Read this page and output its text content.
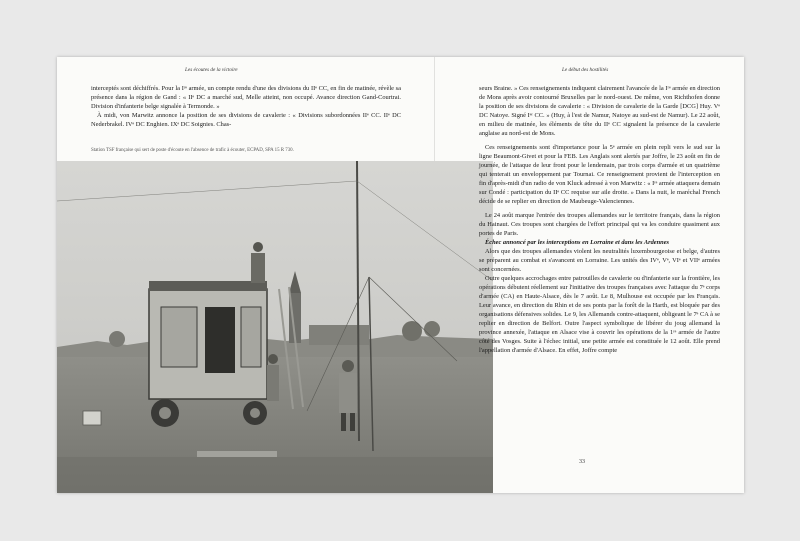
Les écoutes de la victoire	Le début des hostilités

interceptés sont déchiffrés. Pour la Iʳᵉ armée, un compte rendu d'une des divisions du IIᵉ CC, en fin de matinée, révèle sa présence dans la région de Gand : « IIᵉ DC a marché sud, Melle atteint, non occupé. Avance direction Gand-Courtrai. Division d'infanterie belge signalée à Termonde. »

À midi, von Marwitz annonce la position de ses divisions de cavalerie : « Divisions subordonnées IIᵉ CC. IIᵉ DC Nederbrakel. IVᵉ DC Enghien. IXᵉ DC Soignies. Chas-

Station TSF française qui sert de poste d'écoute en l'absence de trafic à écouter, ECPAD, SPA 15 R 730.

seurs Braine. » Ces renseignements indiquent clairement l'avancée de la Iʳᵉ armée en direction de Mons après avoir contourné Bruxelles par le nord-ouest. De même, von Richthofen donne la position de ses divisions de cavalerie : « Division de cavalerie de la Garde [DCG] Huy. Vᵉ DC Natoye. Signé Iᵉʳ CC. » (Huy, à l'est de Namur, Natoye au sud-est de Namur). Le 22 août, en milieu de matinée, les éléments de tête du IIᵉ CC signalent la présence de la cavalerie anglaise au nord-est de Mons.

Ces renseignements sont d'importance pour la 5ᵉ armée en plein repli vers le sud sur la ligne Beaumont-Givet et pour la FEB. Les Anglais sont alertés par Joffre, le 23 août en fin de journée, de l'attaque de leur front pour le lendemain, par trois corps d'armée et un quatrième qui tenterait un enveloppement par Tournai. Ce renseignement provient de l'interception en fin d'après-midi d'un radio de von Kluck adressé à von Marwitz : « Iʳᵉ armée attaquera demain sur Condé : participation du IIᵉ CC requise sur aile droite. » Dans la nuit, le maréchal French décide de se replier en direction de Maubeuge-Valenciennes.

Le 24 août marque l'entrée des troupes allemandes sur le territoire français, dans la région du Hainaut. Ces troupes sont chargées de l'effort principal qui va les conduire quasiment aux portes de Paris.

Échec annoncé par les interceptions en Lorraine et dans les Ardennes

Alors que des troupes allemandes violent les neutralités luxembourgeoise et belge, d'autres se préparent au combat et s'avancent en Lorraine. Les unités des IVᵉ, Vᵉ, VIᵉ et VIIᵉ armées sont concernées.

Outre quelques accrochages entre patrouilles de cavalerie ou d'infanterie sur la frontière, les opérations débutent réellement sur l'initiative des troupes françaises avec l'attaque du 7ᵉ corps d'armée (CA) en Haute-Alsace, dès le 7 août. Le 8, Mulhouse est occupée par les Français. Leur avance, en direction du Rhin et de ses ponts par la forêt de la Harth, est bloquée par des organisations défensives solides. Le 9, les Allemands contre-attaquent, obligeant le 7ᵉ CA à se replier en direction de Belfort. Outre l'aspect symbolique de libérer du joug allemand la province annexée, l'attaque en Alsace vise à couvrir les opérations de la 1ʳᵉ armée de l'autre côté des Vosges. Suite à l'échec initial, une petite armée est constituée le 12 août. Elle prend l'appellation d'armée d'Alsace. En effet, Joffre compte

33
